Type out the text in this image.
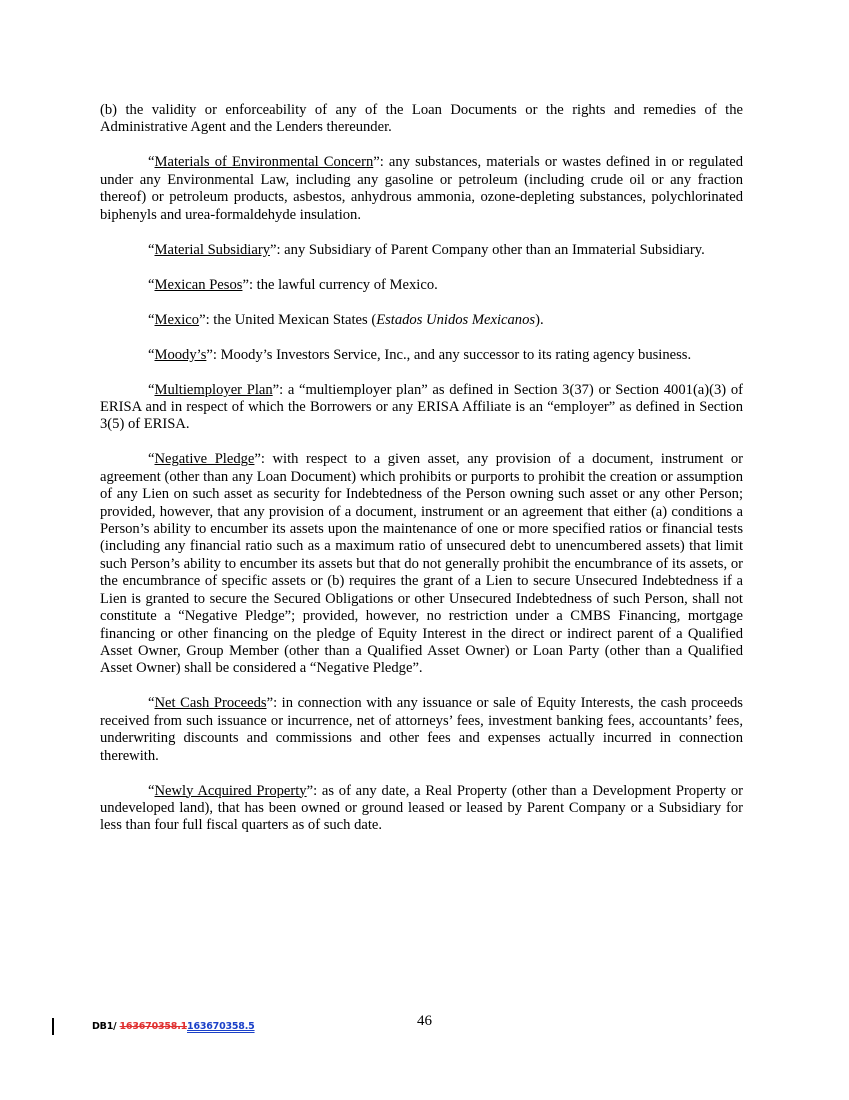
(b) the validity or enforceability of any of the Loan Documents or the rights and remedies of the Administrative Agent and the Lenders thereunder.

“Materials of Environmental Concern”: any substances, materials or wastes defined in or regulated under any Environmental Law, including any gasoline or petroleum (including crude oil or any fraction thereof) or petroleum products, asbestos, anhydrous ammonia, ozone-depleting substances, polychlorinated biphenyls and urea-formaldehyde insulation.

“Material Subsidiary”: any Subsidiary of Parent Company other than an Immaterial Subsidiary.

“Mexican Pesos”: the lawful currency of Mexico.

“Mexico”: the United Mexican States (Estados Unidos Mexicanos).

“Moody’s”: Moody’s Investors Service, Inc., and any successor to its rating agency business.

“Multiemployer Plan”: a “multiemployer plan” as defined in Section 3(37) or Section 4001(a)(3) of ERISA and in respect of which the Borrowers or any ERISA Affiliate is an “employer” as defined in Section 3(5) of ERISA.

“Negative Pledge”: with respect to a given asset, any provision of a document, instrument or agreement (other than any Loan Document) which prohibits or purports to prohibit the creation or assumption of any Lien on such asset as security for Indebtedness of the Person owning such asset or any other Person; provided, however, that any provision of a document, instrument or an agreement that either (a) conditions a Person’s ability to encumber its assets upon the maintenance of one or more specified ratios or financial tests (including any financial ratio such as a maximum ratio of unsecured debt to unencumbered assets) that limit such Person’s ability to encumber its assets but that do not generally prohibit the encumbrance of its assets, or the encumbrance of specific assets or (b) requires the grant of a Lien to secure Unsecured Indebtedness if a Lien is granted to secure the Secured Obligations or other Unsecured Indebtedness of such Person, shall not constitute a “Negative Pledge”; provided, however, no restriction under a CMBS Financing, mortgage financing or other financing on the pledge of Equity Interest in the direct or indirect parent of a Qualified Asset Owner, Group Member (other than a Qualified Asset Owner) or Loan Party (other than a Qualified Asset Owner) shall be considered a “Negative Pledge”.

“Net Cash Proceeds”: in connection with any issuance or sale of Equity Interests, the cash proceeds received from such issuance or incurrence, net of attorneys’ fees, investment banking fees, accountants’ fees, underwriting discounts and commissions and other fees and expenses actually incurred in connection therewith.

“Newly Acquired Property”: as of any date, a Real Property (other than a Development Property or undeveloped land), that has been owned or ground leased or leased by Parent Company or a Subsidiary for less than four full fiscal quarters as of such date.

DB1/ 163670358.1163670358.5	46
